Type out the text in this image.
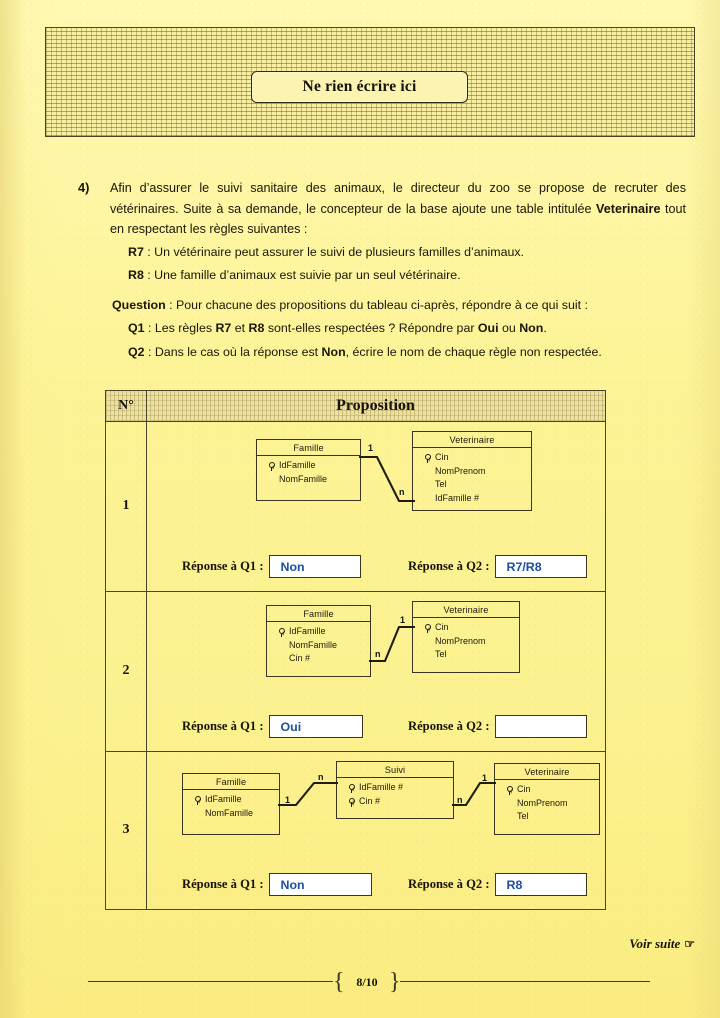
Ne rien écrire ici
4) Afin d’assurer le suivi sanitaire des animaux, le directeur du zoo se propose de recruter des vétérinaires. Suite à sa demande, le concepteur de la base ajoute une table intitulée Veterinaire tout en respectant les règles suivantes :
R7 : Un vétérinaire peut assurer le suivi de plusieurs familles d’animaux.
R8 : Une famille d’animaux est suivie par un seul vétérinaire.
Question : Pour chacune des propositions du tableau ci-après, répondre à ce qui suit :
Q1 : Les règles R7 et R8 sont-elles respectées ? Répondre par Oui ou Non.
Q2 : Dans le cas où la réponse est Non, écrire le nom de chaque règle non respectée.
N°	Proposition
1
Famille
IdFamille
NomFamille
Veterinaire
Cin
NomPrenom
Tel
IdFamille #
1
n
Réponse à Q1 : Non	Réponse à Q2 : R7/R8
2
Famille
IdFamille
NomFamille
Cin #
Veterinaire
Cin
NomPrenom
Tel
n
1
Réponse à Q1 : Oui	Réponse à Q2 :
3
Famille
IdFamille
NomFamille
Suivi
IdFamille #
Cin #
Veterinaire
Cin
NomPrenom
Tel
1
n
n
1
Réponse à Q1 : Non	Réponse à Q2 : R8
Voir suite ☞
{ }
8/10
